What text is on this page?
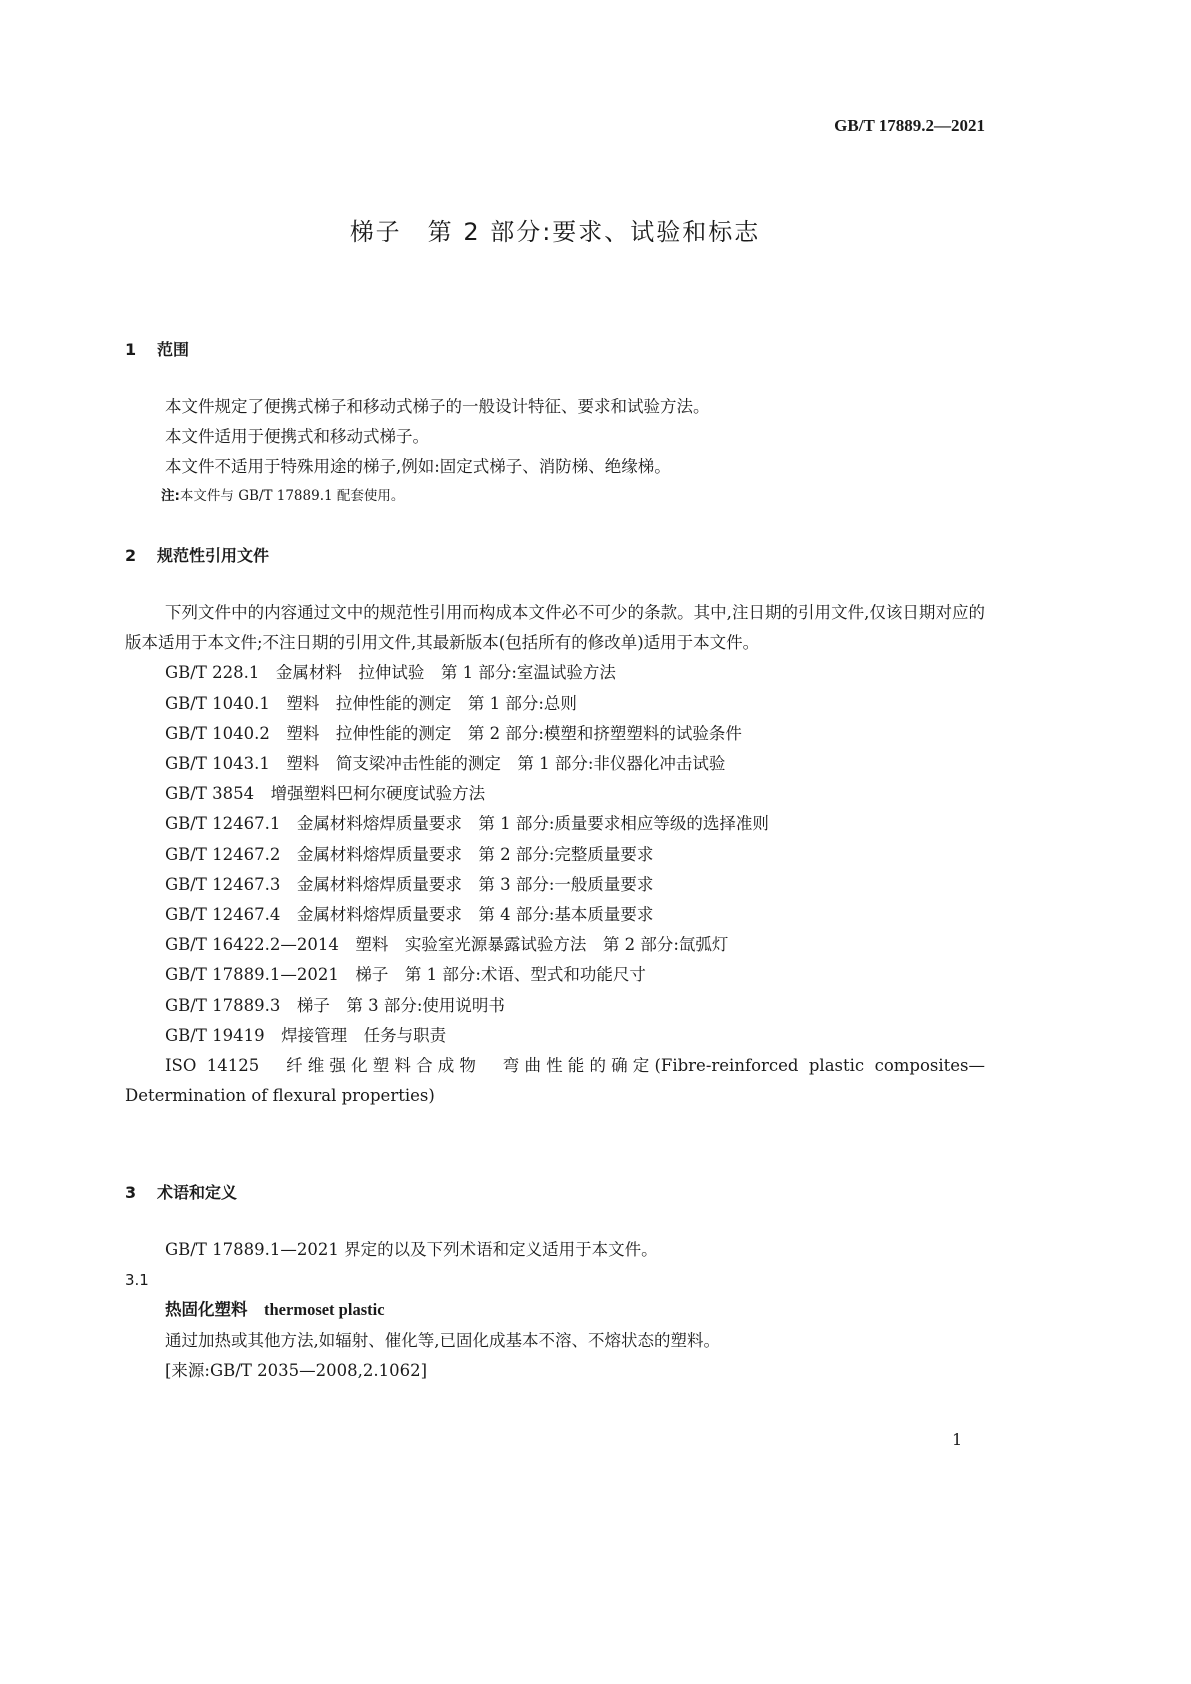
GB/T 17889.2—2021
梯子　第 2 部分:要求、试验和标志
1 范围

本文件规定了便携式梯子和移动式梯子的一般设计特征、要求和试验方法。

本文件适用于便携式和移动式梯子。

本文件不适用于特殊用途的梯子,例如:固定式梯子、消防梯、绝缘梯。

注:本文件与 GB/T 17889.1 配套使用。
2 规范性引用文件

下列文件中的内容通过文中的规范性引用而构成本文件必不可少的条款。其中,注日期的引用文件,仅该日期对应的版本适用于本文件;不注日期的引用文件,其最新版本(包括所有的修改单)适用于本文件。

GB/T 228.1　金属材料　拉伸试验　第 1 部分:室温试验方法
GB/T 1040.1　塑料　拉伸性能的测定　第 1 部分:总则
GB/T 1040.2　塑料　拉伸性能的测定　第 2 部分:模塑和挤塑塑料的试验条件
GB/T 1043.1　塑料　简支梁冲击性能的测定　第 1 部分:非仪器化冲击试验
GB/T 3854　增强塑料巴柯尔硬度试验方法
GB/T 12467.1　金属材料熔焊质量要求　第 1 部分:质量要求相应等级的选择准则
GB/T 12467.2　金属材料熔焊质量要求　第 2 部分:完整质量要求
GB/T 12467.3　金属材料熔焊质量要求　第 3 部分:一般质量要求
GB/T 12467.4　金属材料熔焊质量要求　第 4 部分:基本质量要求
GB/T 16422.2—2014　塑料　实验室光源暴露试验方法　第 2 部分:氙弧灯
GB/T 17889.1—2021　梯子　第 1 部分:术语、型式和功能尺寸
GB/T 17889.3　梯子　第 3 部分:使用说明书
GB/T 19419　焊接管理　任务与职责
ISO 14125　纤维强化塑料合成物　弯曲性能的确定(Fibre-reinforced plastic composites—Determination of flexural properties)
3 术语和定义

GB/T 17889.1—2021 界定的以及下列术语和定义适用于本文件。

3.1
热固化塑料　 thermoset plastic
通过加热或其他方法,如辐射、催化等,已固化成基本不溶、不熔状态的塑料。
[来源:GB/T 2035—2008,2.1062]
1
